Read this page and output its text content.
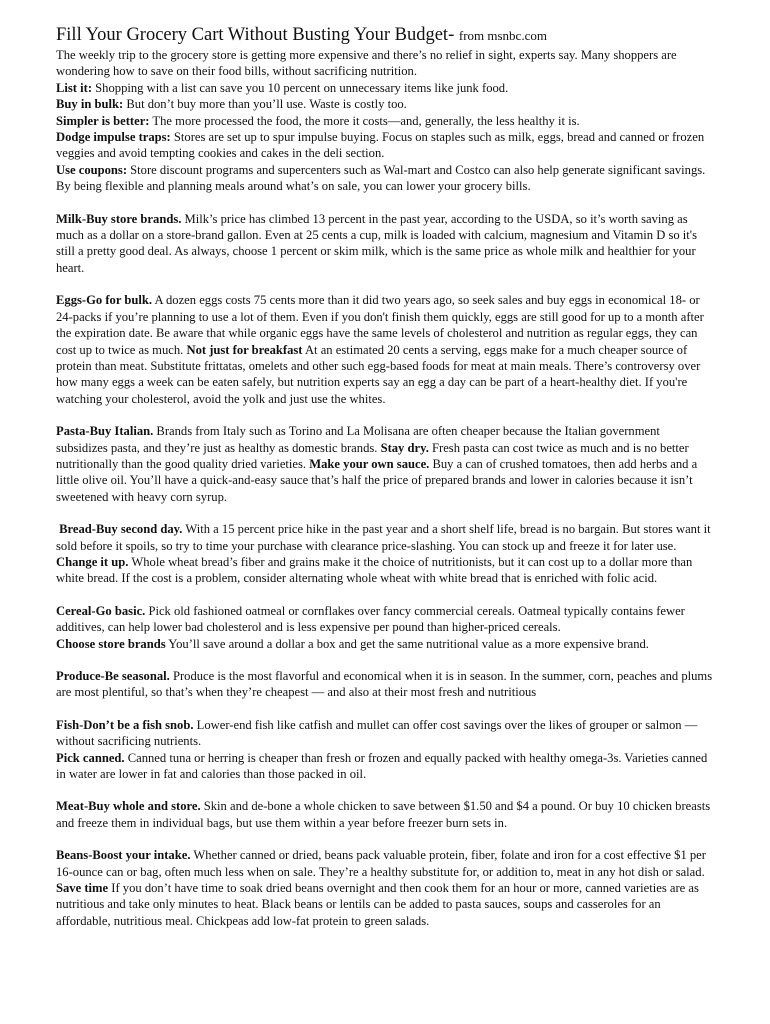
Fill Your Grocery Cart Without Busting Your Budget- from msnbc.com

The weekly trip to the grocery store is getting more expensive and there’s no relief in sight, experts say. Many shoppers are wondering how to save on their food bills, without sacrificing nutrition.

List it: Shopping with a list can save you 10 percent on unnecessary items like junk food.

Buy in bulk: But don’t buy more than you’ll use. Waste is costly too.

Simpler is better: The more processed the food, the more it costs—and, generally, the less healthy it is.

Dodge impulse traps: Stores are set up to spur impulse buying. Focus on staples such as milk, eggs, bread and canned or frozen veggies and avoid tempting cookies and cakes in the deli section.

Use coupons: Store discount programs and supercenters such as Wal-mart and Costco can also help generate significant savings. By being flexible and planning meals around what’s on sale, you can lower your grocery bills.

Milk-Buy store brands. Milk’s price has climbed 13 percent in the past year, according to the USDA, so it’s worth saving as much as a dollar on a store-brand gallon. Even at 25 cents a cup, milk is loaded with calcium, magnesium and Vitamin D so it's still a pretty good deal. As always, choose 1 percent or skim milk, which is the same price as whole milk and healthier for your heart.

Eggs-Go for bulk. A dozen eggs costs 75 cents more than it did two years ago, so seek sales and buy eggs in economical 18- or 24-packs if you’re planning to use a lot of them. Even if you don't finish them quickly, eggs are still good for up to a month after the expiration date. Be aware that while organic eggs have the same levels of cholesterol and nutrition as regular eggs, they can cost up to twice as much. Not just for breakfast At an estimated 20 cents a serving, eggs make for a much cheaper source of protein than meat. Substitute frittatas, omelets and other such egg-based foods for meat at main meals. There’s controversy over how many eggs a week can be eaten safely, but nutrition experts say an egg a day can be part of a heart-healthy diet. If you're watching your cholesterol, avoid the yolk and just use the whites.

Pasta-Buy Italian. Brands from Italy such as Torino and La Molisana are often cheaper because the Italian government subsidizes pasta, and they’re just as healthy as domestic brands. Stay dry. Fresh pasta can cost twice as much and is no better nutritionally than the good quality dried varieties. Make your own sauce. Buy a can of crushed tomatoes, then add herbs and a little olive oil. You’ll have a quick-and-easy sauce that’s half the price of prepared brands and lower in calories because it isn’t sweetened with heavy corn syrup.

Bread-Buy second day. With a 15 percent price hike in the past year and a short shelf life, bread is no bargain. But stores want it sold before it spoils, so try to time your purchase with clearance price-slashing. You can stock up and freeze it for later use.

Change it up. Whole wheat bread’s fiber and grains make it the choice of nutritionists, but it can cost up to a dollar more than white bread. If the cost is a problem, consider alternating whole wheat with white bread that is enriched with folic acid.

Cereal-Go basic. Pick old fashioned oatmeal or cornflakes over fancy commercial cereals. Oatmeal typically contains fewer additives, can help lower bad cholesterol and is less expensive per pound than higher-priced cereals.

Choose store brands You’ll save around a dollar a box and get the same nutritional value as a more expensive brand.

Produce-Be seasonal. Produce is the most flavorful and economical when it is in season. In the summer, corn, peaches and plums are most plentiful, so that’s when they’re cheapest — and also at their most fresh and nutritious

Fish-Don’t be a fish snob. Lower-end fish like catfish and mullet can offer cost savings over the likes of grouper or salmon — without sacrificing nutrients.

Pick canned. Canned tuna or herring is cheaper than fresh or frozen and equally packed with healthy omega-3s. Varieties canned in water are lower in fat and calories than those packed in oil.

Meat-Buy whole and store. Skin and de-bone a whole chicken to save between $1.50 and $4 a pound. Or buy 10 chicken breasts and freeze them in individual bags, but use them within a year before freezer burn sets in.

Beans-Boost your intake. Whether canned or dried, beans pack valuable protein, fiber, folate and iron for a cost effective $1 per 16-ounce can or bag, often much less when on sale. They’re a healthy substitute for, or addition to, meat in any hot dish or salad.

Save time If you don’t have time to soak dried beans overnight and then cook them for an hour or more, canned varieties are as nutritious and take only minutes to heat. Black beans or lentils can be added to pasta sauces, soups and casseroles for an affordable, nutritious meal. Chickpeas add low-fat protein to green salads.
